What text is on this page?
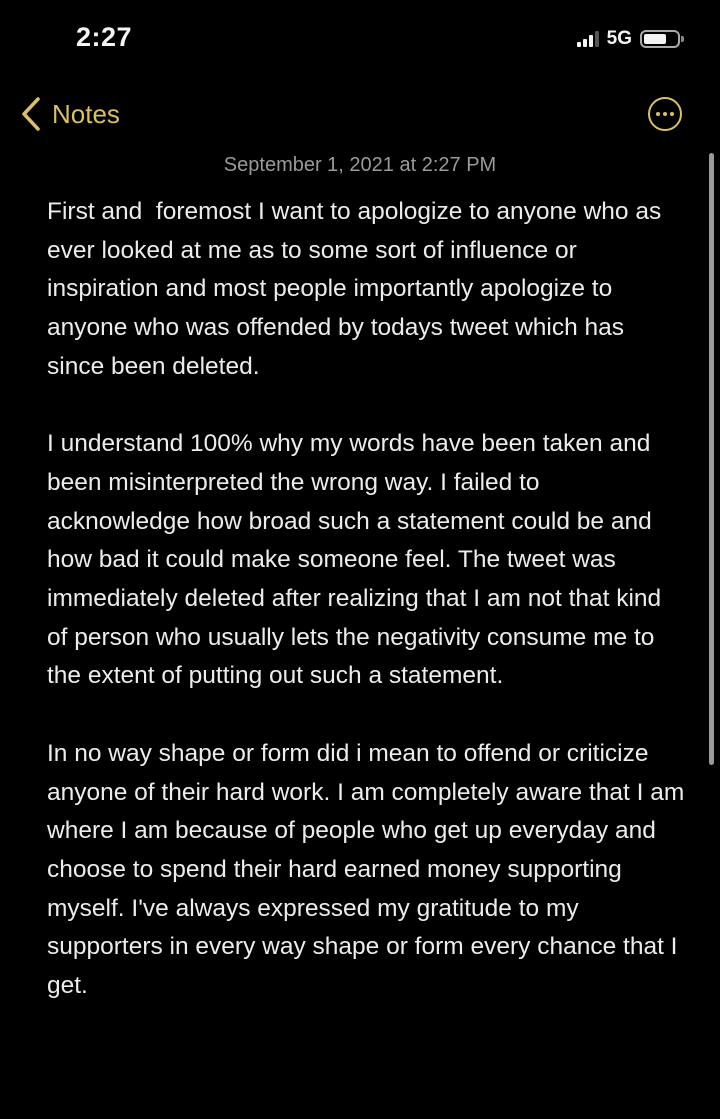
2:27	5G
Notes
September 1, 2021 at 2:27 PM

First and  foremost I want to apologize to anyone who as ever looked at me as to some sort of influence or inspiration and most people importantly apologize to anyone who was offended by todays tweet which has since been deleted.

I understand 100% why my words have been taken and been misinterpreted the wrong way. I failed to acknowledge how broad such a statement could be and how bad it could make someone feel. The tweet was immediately deleted after realizing that I am not that kind of person who usually lets the negativity consume me to the extent of putting out such a statement.

In no way shape or form did i mean to offend or criticize anyone of their hard work. I am completely aware that I am where I am because of people who get up everyday and choose to spend their hard earned money supporting myself. I've always expressed my gratitude to my supporters in every way shape or form every chance that I get.
